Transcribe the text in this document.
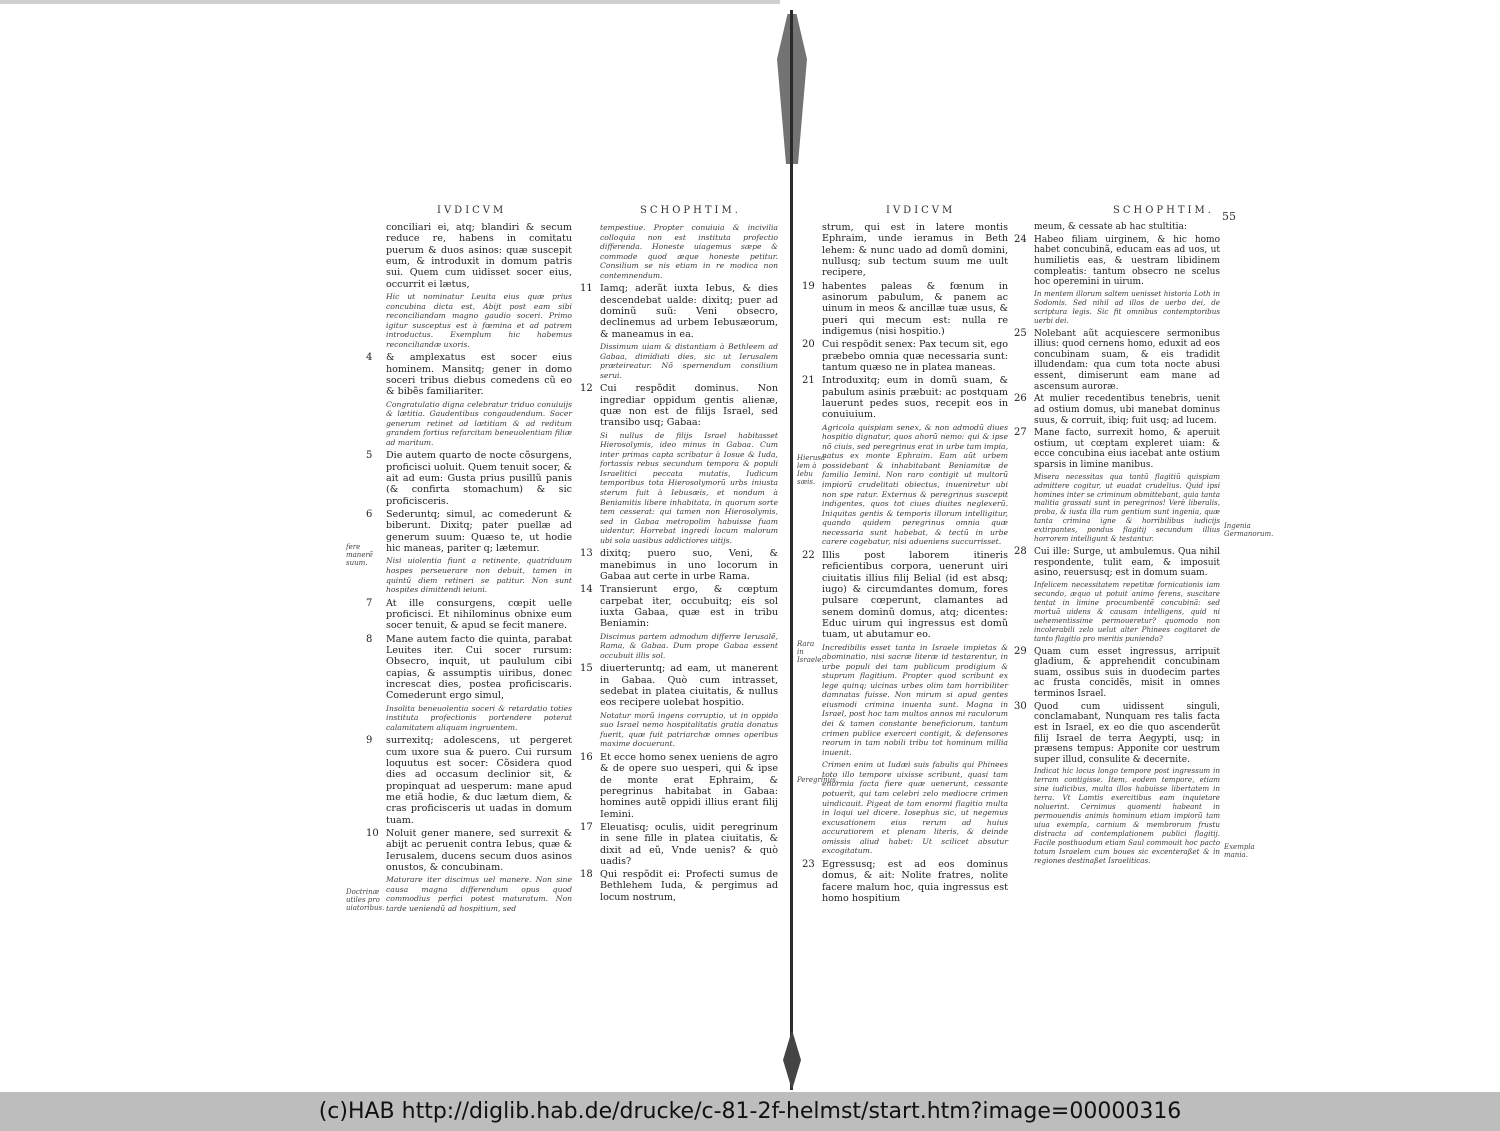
IVDICVM	SCHOPHTIM.	IVDICVM	SCHOPHTIM. 55
conciliari ei, atq; blandiri & secum reduce re, habens in comitatu puerum & duos asinos: quæ suscepit eum, & introduxit in domum patris sui. Quem cum uidisset socer eius, occurrit ei lætus,
Hic ut nominatur Leuita eius quæ prius concubina dicta est, Abijt post eam sibi reconciliandam magno gaudio soceri. Primo igitur susceptus est à fœmina et ad patrem introductus. Exemplum hic habemus reconciliandæ uxoris.
4 & amplexatus est socer eius hominem. Mansitq; gener in domo soceri tribus diebus comedens cũ eo & bibẽs familiariter.
Congratulatio digna celebratur triduo conuiuijs & lætitia. Gaudentibus congaudendum. Socer generum retinet ad lætitiam & ad reditum grandem fortius refarcitam beneuolentiam filiæ ad maritum.
5 Die autem quarto de nocte cõsurgens, proficisci uoluit. Quem tenuit socer, & ait ad eum: Gusta prius pusillũ panis (& confirta stomachum) & sic proficisceris.
6 Sederuntq; simul, ac comederunt & biberunt. Dixitq; pater puellæ ad generum suum: Quæso te, ut hodie hic maneas, pariter q; lætemur.
Nisi uiolentia fiunt a retinente, quatriduum hospes perseuerare non debuit, tamen in quintũ diem retineri se patitur. Non sunt hospites dimittendi ieiuni.
7 At ille consurgens, cœpit uelle proficisci. Et nihilominus obnixe eum socer tenuit, & apud se fecit manere.
8 Mane autem facto die quinta, parabat Leuites iter. Cui socer rursum: Obsecro, inquit, ut paululum cibi capias, & assumptis uiribus, donec increscat dies, postea proficiscaris. Comederunt ergo simul,
Insolita beneuolentia soceri & retardatio toties instituta profectionis portendere poterat calamitatem aliquam ingruentem.
9 surrexitq; adolescens, ut pergeret cum uxore sua & puero. Cui rursum loquutus est socer: Cõsidera quod dies ad occasum declinior sit, & propinquat ad uesperum: mane apud me etiã hodie, & duc lætum diem, & cras proficisceris ut uadas in domum tuam.
10 Noluit gener manere, sed surrexit & abijt ac peruenit contra Iebus, quæ & Ierusalem, ducens secum duos asinos onustos, & concubinam.
Maturare iter discimus uel manere. Non sine causa magna differendum opus quod commodius perfici potest maturatum. Non tarde ueniendũ ad hospitium, sed
tempestiue. Propter conuiuia & incivilia colloquia non est instituta profectio differenda. Honeste uiagemus sæpe & commode quod æque honeste petitur. Consilium se nis etiam in re modica non contemnendum.
11 Iamq; aderãt iuxta Iebus, & dies descendebat ualde: dixitq; puer ad dominũ suũ: Veni obsecro, declinemus ad urbem Iebusæorum, & maneamus in ea.
Dissimum uiam & distantiam à Bethleem ad Gabaa, dimidiati dies, sic ut Ierusalem præteireatur. Nõ spernendum consilium serui.
12 Cui respõdit dominus. Non ingrediar oppidum gentis alienæ, quæ non est de filijs Israel, sed transibo usq; Gabaa:
Si nullus de filijs Israel habitasset Hierosolymis, ideo minus in Gabaa. Cum inter primas capta scribatur à Iosue & Iuda, fortassis rebus secundum tempora & populi Israelitici peccata mutatis, Iudicum temporibus tota Hierosolymorũ urbs iniusta sterum fuit à Iebusæis, et nondum à Beniamitis libere inhabitata, in quorum sorte tem cesserat: qui tamen non Hierosolymis, sed in Gabaa metropolim habuisse fuam uidentur. Horrebat ingredi locum malorum ubi sola uasibus addictiores uitijs.
13 dixitq; puero suo, Veni, & manebimus in uno locorum in Gabaa aut certe in urbe Rama.
14 Transierunt ergo, & cœptum carpebat iter, occubuitq; eis sol iuxta Gabaa, quæ est in tribu Beniamin:
Discimus partem admodum differre Ierusalẽ, Rama, & Gabaa. Dum prope Gabaa essent occubuit illis sol.
15 diuerteruntq; ad eam, ut manerent in Gabaa. Quò cum intrasset, sedebat in platea ciuitatis, & nullus eos recipere uolebat hospitio.
Notatur morũ ingens corruptio, ut in oppido suo Israel nemo hospitalitatis gratia donatus fuerit, quæ fuit patriarchæ omnes operibus maxime docuerunt.
16 Et ecce homo senex ueniens de agro & de opere suo uesperi, qui & ipse de monte erat Ephraim, & peregrinus habitabat in Gabaa: homines autẽ oppidi illius erant filij Iemini.
17 Eleuatisq; oculis, uidit peregrinum in sene fille in platea ciuitatis, & dixit ad eũ, Vnde uenis? & quò uadis?
18 Qui respõdit ei: Profecti sumus de Bethlehem Iuda, & pergimus ad locum nostrum,
strum, qui est in latere montis Ephraim, unde ieramus in Beth lehem: & nunc uado ad domũ domini, nullusq; sub tectum suum me uult recipere,
19 habentes paleas & fœnum in asinorum pabulum, & panem ac uinum in meos & ancillæ tuæ usus, & pueri qui mecum est: nulla re indigemus (nisi hospitio.)
20 Cui respõdit senex: Pax tecum sit, ego præbebo omnia quæ necessaria sunt: tantum quæso ne in platea maneas.
21 Introduxitq; eum in domũ suam, & pabulum asinis præbuit: ac postquam lauerunt pedes suos, recepit eos in conuiuium.
Agricola quispiam senex, & non admodũ diues hospitio dignatur, quos ahorũ nemo: qui & ipse nõ ciuis, sed peregrinus erat in urbe tam impia, natus ex monte Ephraim. Eam aũt urbem possidebant & inhabitabant Beniamitæ de familia Iemini. Non raro contigit ut multorũ impiorũ crudelitati obiectus, inueniretur ubi non spe ratur. Externus & peregrinus suscepit indigentes, quos tot ciues diuites neglexerũ. Iniquitas gentis & temporis illorum intelligitur, quando quidem peregrinus omnia quæ necessaria sunt habebat, & tectũ in urbe carere cogebatur, nisi adueniens succurrisset.
22 Illis post laborem itineris reficientibus corpora, uenerunt uiri ciuitatis illius filij Belial (id est absq; iugo) & circumdantes domum, fores pulsare cœperunt, clamantes ad senem dominũ domus, atq; dicentes: Educ uirum qui ingressus est domũ tuam, ut abutamur eo.
Incredibilis esset tanta in Israele impietas & abominatio, nisi sacræ literæ id testarentur, in urbe populi dei tam publicum prodigium & stuprum flagitium. Propter quod scribunt ex lege quinq; uicinas urbes olim tam horribiliter damnatas fuisse. Non mirum si apud gentes eiusmodi crimina inuenta sunt. Magna in Israel, post hoc tam multos annos mi raculorum dei & tamen constante beneficiorum, tantum crimen publice exerceri contigit, & defensores reorum in tam nobili tribu tot hominum millia inuenit.
Crimen enim ut Iudæi suis fabulis qui Phinees toto illo tempore uixisse scribunt, quasi tam enormia facta fiere quæ uenerunt, cessante potuerit, qui tam celebri zelo mediocre crimen uindicauit. Pigeat de tam enormi flagitio multa in loqui uel dicere. Iosephus sic, ut negemus excusationem eius rerum ad huius accuratiorem et plenam literis, & deinde omissis aliud habet: Ut scilicet absutur excogitatum.
23 Egressusq; est ad eos dominus domus, & ait: Nolite fratres, nolite facere malum hoc, quia ingressus est homo hospitium
meum, & cessate ab hac stultitia:
24 Habeo filiam uirginem, & hic homo habet concubinã, educam eas ad uos, ut humilietis eas, & uestram libidinem compleatis: tantum obsecro ne scelus hoc operemini in uirum.
In mentem illorum saltem uenisset historia Loth in Sodomis. Sed nihil ad illos de uerbo dei, de scriptura legis. Sic fit omnibus contemptoribus uerbi dei.
25 Nolebant aũt acquiescere sermonibus illius: quod cernens homo, eduxit ad eos concubinam suam, & eis tradidit illudendam: qua cum tota nocte abusi essent, dimiserunt eam mane ad ascensum auroræ.
26 At mulier recedentibus tenebris, uenit ad ostium domus, ubi manebat dominus suus, & corruit, ibiq; fuit usq; ad lucem.
27 Mane facto, surrexit homo, & aperuit ostium, ut cœptam expleret uiam: & ecce concubina eius iacebat ante ostium sparsis in limine manibus.
Misera necessitas qua tantũ flagitiũ quispiam admittere cogitur, ut euadat crudelius. Quid ipsi homines inter se criminum obmittebant, quia tanta malitia grassati sunt in peregrinos! Verè liberalis, proba, & iusta illa rum gentium sunt ingenia, quæ tanta crimina igne & horribilibus iudicijs extirpantes, pondus flagitij secundum illius horrorem intelligunt & testantur.
28 Cui ille: Surge, ut ambulemus. Qua nihil respondente, tulit eam, & imposuit asino, reuersusq; est in domum suam.
Infelicem necessitatem repetitæ fornicationis iam secundo, æquo ut potuit animo ferens, suscitare tentat in limine procumbentẽ concubinã: sed mortuã uidens & causam intelligens, quid ni uehementissime permoueretur? quomodo non incolerabili zelo uelut alter Phinees cogitaret de tanto flagitio pro meritis puniendo?
29 Quam cum esset ingressus, arripuit gladium, & apprehendit concubinam suam, ossibus suis in duodecim partes ac frusta concidẽs, misit in omnes terminos Israel.
30 Quod cum uidissent singuli, conclamabant, Nunquam res talis facta est in Israel, ex eo die quo ascenderũt filij Israel de terra Aegypti, usq; in præsens tempus: Apponite cor uestrum super illud, consulite & decernite.
Indicat hic locus longo tempore post ingressum in terram contigisse. Item, eodem tempore, etiam sine iudicibus, multa illos habuisse libertatem in terra. Vt Lamtis exercitibus eam inquietare noluerint. Cernimus quomenti habeant in permouendis animis hominum etiam impiorũ tam uiua exempla, carnium & membrorum frustu distracta ad contemplationem publici flagitij. Facile posthuodum etiam Saul commouit hoc pacto totum Israelem cum boues sic excenteraßet & in regiones destinaßet Israeliticas.
fere manerẽ suum.
Doctrinæ utiles pro uiatoribus.
Hierusa lem à Iebu sæis.
Rara in Israele.
Peregrinus.
Ingenia Germanorum.
Exempla mania.
(c)HAB http://diglib.hab.de/drucke/c-81-2f-helmst/start.htm?image=00000316
